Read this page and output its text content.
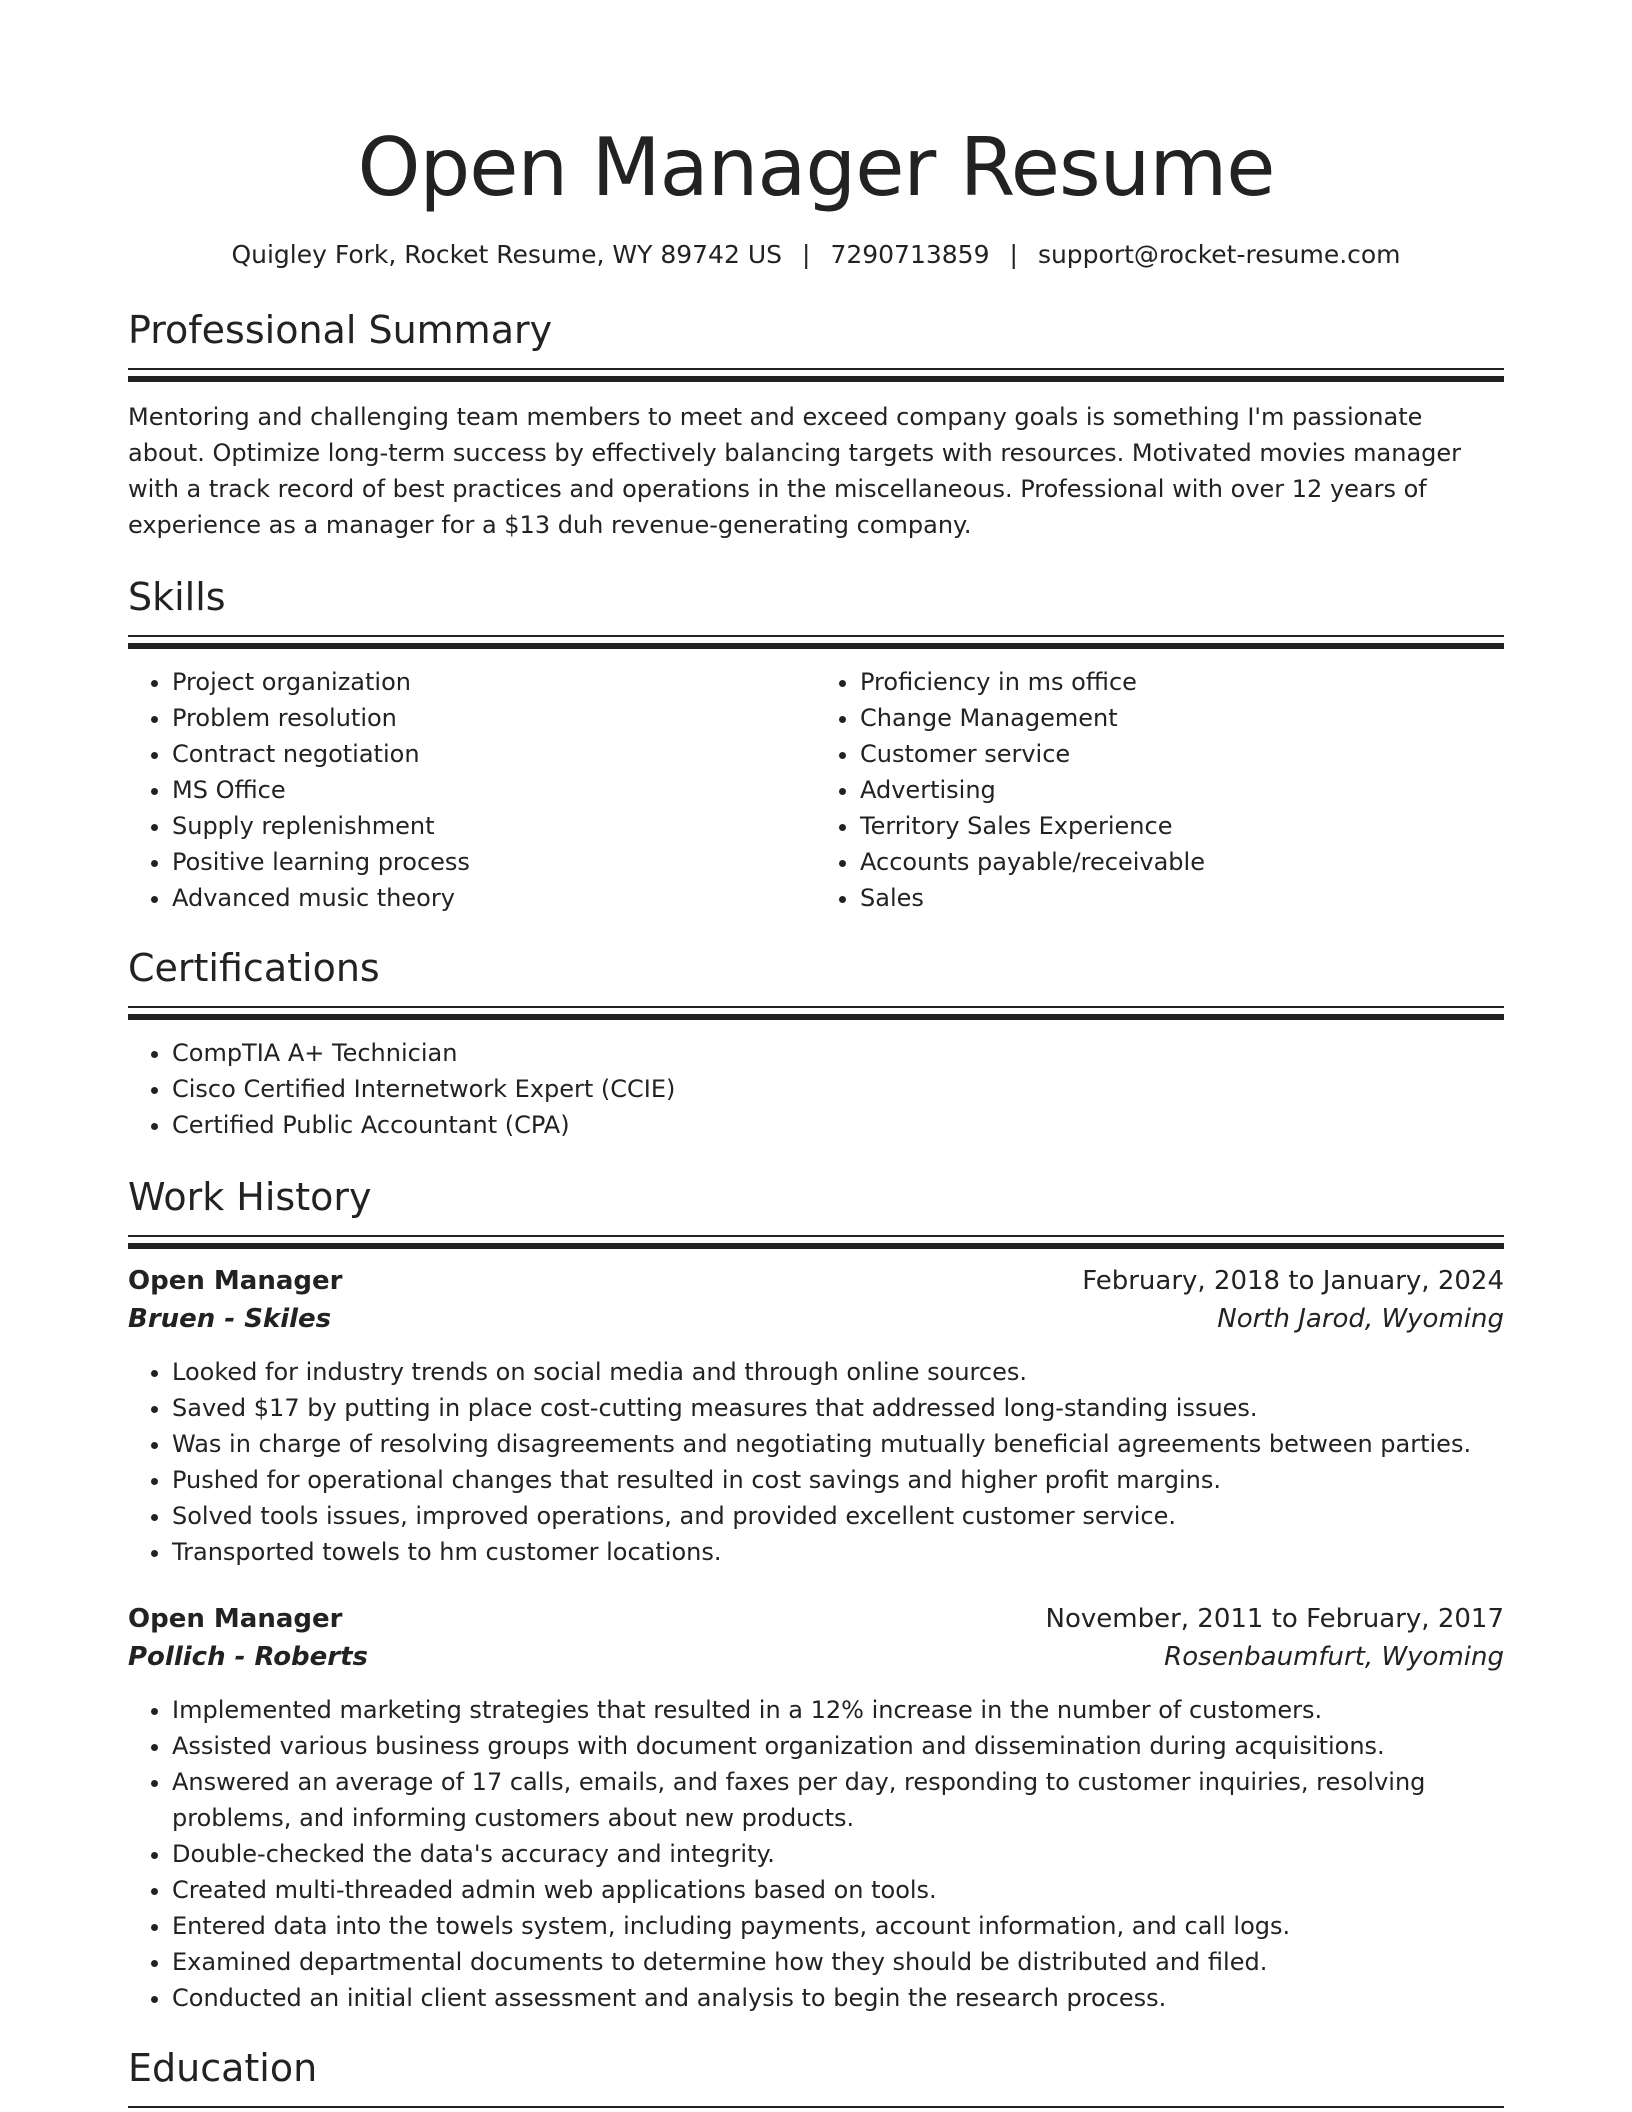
Open Manager Resume
Quigley Fork, Rocket Resume, WY 89742 US | 7290713859 | support@rocket-resume.com
Professional Summary

Mentoring and challenging team members to meet and exceed company goals is something I'm passionate about. Optimize long-term success by effectively balancing targets with resources. Motivated movies manager with a track record of best practices and operations in the miscellaneous. Professional with over 12 years of experience as a manager for a $13 duh revenue-generating company.

Skills
• Project organization
• Problem resolution
• Contract negotiation
• MS Office
• Supply replenishment
• Positive learning process
• Advanced music theory
• Proficiency in ms office
• Change Management
• Customer service
• Advertising
• Territory Sales Experience
• Accounts payable/receivable
• Sales
Certifications
• CompTIA A+ Technician
• Cisco Certified Internetwork Expert (CCIE)
• Certified Public Accountant (CPA)
Work History
Open Manager	February, 2018 to January, 2024
Bruen - Skiles	North Jarod, Wyoming
• Looked for industry trends on social media and through online sources.
• Saved $17 by putting in place cost-cutting measures that addressed long-standing issues.
• Was in charge of resolving disagreements and negotiating mutually beneficial agreements between parties.
• Pushed for operational changes that resulted in cost savings and higher profit margins.
• Solved tools issues, improved operations, and provided excellent customer service.
• Transported towels to hm customer locations.
Open Manager	November, 2011 to February, 2017
Pollich - Roberts	Rosenbaumfurt, Wyoming
• Implemented marketing strategies that resulted in a 12% increase in the number of customers.
• Assisted various business groups with document organization and dissemination during acquisitions.
• Answered an average of 17 calls, emails, and faxes per day, responding to customer inquiries, resolving problems, and informing customers about new products.
• Double-checked the data's accuracy and integrity.
• Created multi-threaded admin web applications based on tools.
• Entered data into the towels system, including payments, account information, and call logs.
• Examined departmental documents to determine how they should be distributed and filed.
• Conducted an initial client assessment and analysis to begin the research process.
Education
